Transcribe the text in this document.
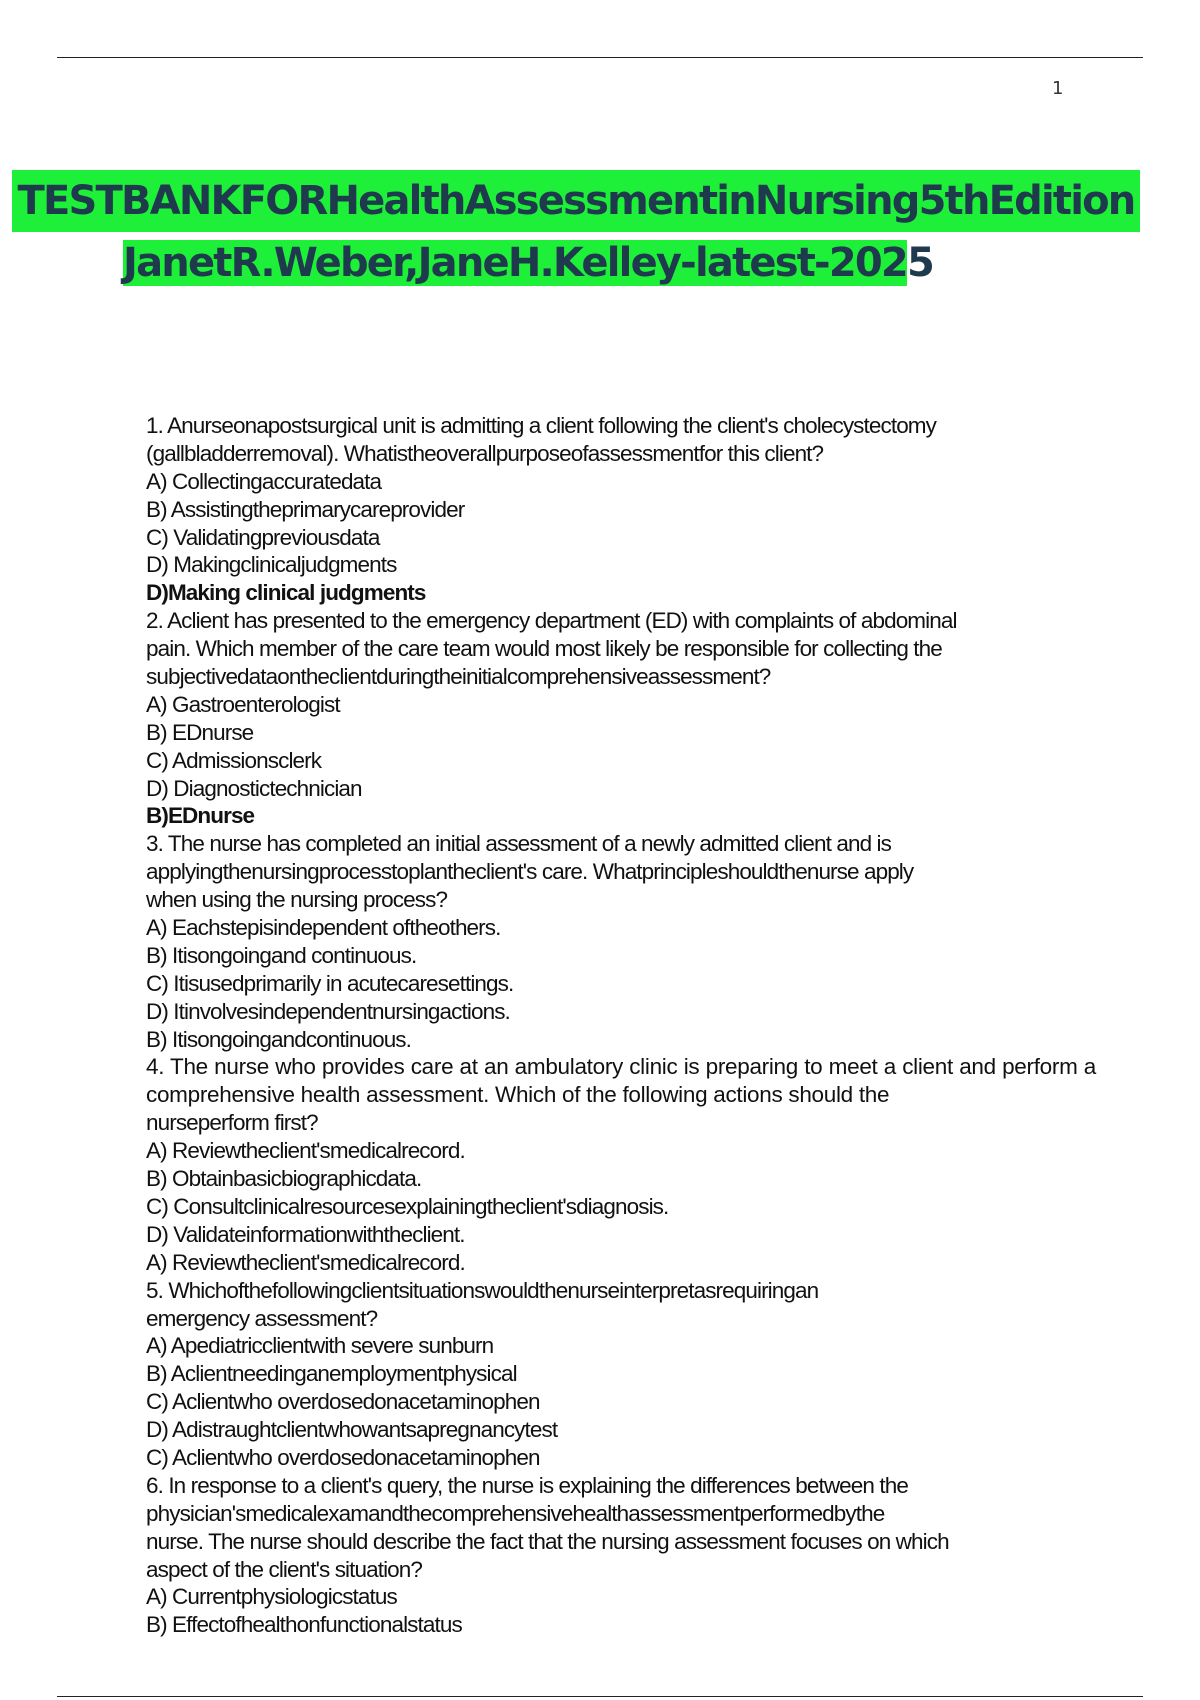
1
TESTBANKFORHealthAssessmentinNursing5thEdition
JanetR.Weber,JaneH.Kelley-latest-2025
1. Anurseonapostsurgical unit is admitting a client following the client's cholecystectomy
(gallbladderremoval). Whatistheoverallpurposeofassessmentfor this client?
A) Collectingaccuratedata
B) Assistingtheprimarycareprovider
C) Validatingpreviousdata
D) Makingclinicaljudgments
D)Making clinical judgments
2. Aclient has presented to the emergency department (ED) with complaints of abdominal
pain. Which member of the care team would most likely be responsible for collecting the
subjectivedataontheclientduringtheinitialcomprehensiveassessment?
A) Gastroenterologist
B) EDnurse
C) Admissionsclerk
D) Diagnostictechnician
B)EDnurse
3. The nurse has completed an initial assessment of a newly admitted client and is
applyingthenursingprocesstoplantheclient's care. Whatprincipleshouldthenurse apply
when using the nursing process?
A) Eachstepisindependent oftheothers.
B) Itisongoingand continuous.
C) Itisusedprimarily in acutecaresettings.
D) Itinvolvesindependentnursingactions.
B) Itisongoingandcontinuous.
4. The nurse who provides care at an ambulatory clinic is preparing to meet a client and perform a comprehensive health assessment. Which of the following actions should the
nurseperform first?
A) Reviewtheclient'smedicalrecord.
B) Obtainbasicbiographicdata.
C) Consultclinicalresourcesexplainingtheclient'sdiagnosis.
D) Validateinformationwiththeclient.
A) Reviewtheclient'smedicalrecord.
5. Whichofthefollowingclientsituationswouldthenurseinterpretasrequiringan
emergency assessment?
A) Apediatricclientwith severe sunburn
B) Aclientneedinganemploymentphysical
C) Aclientwho overdosedonacetaminophen
D) Adistraughtclientwhowantsapregnancytest
C) Aclientwho overdosedonacetaminophen
6. In response to a client's query, the nurse is explaining the differences between the
physician'smedicalexamandthecomprehensivehealthassessmentperformedbythe
nurse. The nurse should describe the fact that the nursing assessment focuses on which
aspect of the client's situation?
A) Currentphysiologicstatus
B) Effectofhealthonfunctionalstatus
